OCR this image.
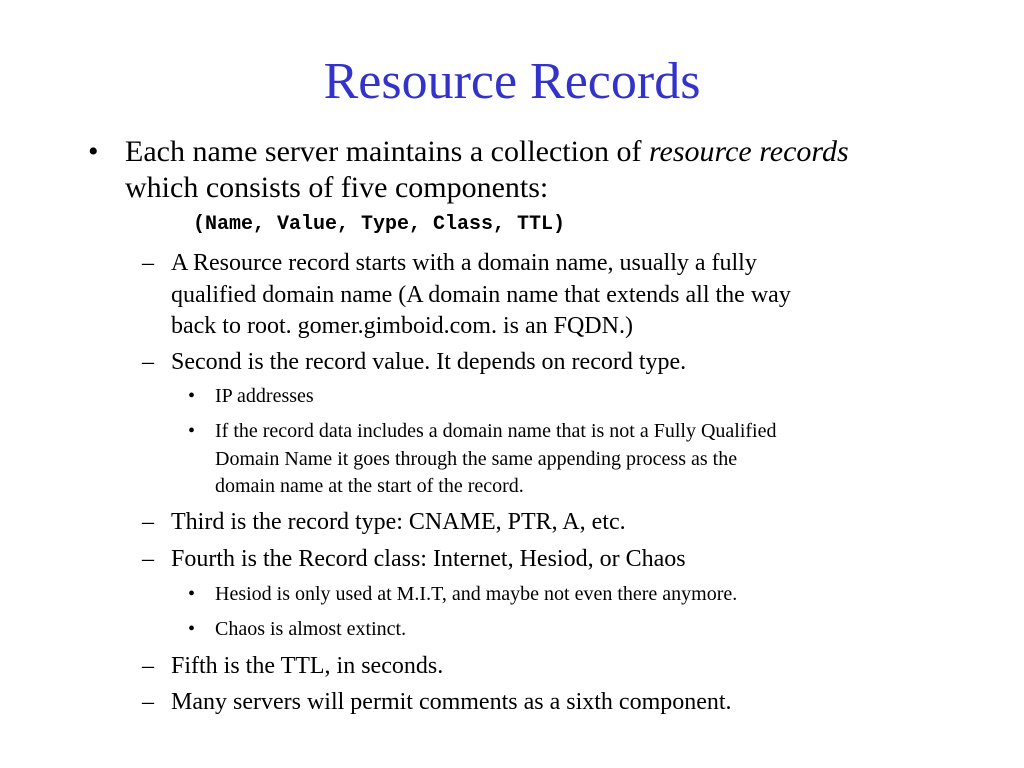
Resource Records
• Each name server maintains a collection of resource records
which consists of five components:
(Name, Value, Type, Class, TTL)
– A Resource record starts with a domain name, usually a fully
qualified domain name (A domain name that extends all the way
back to root. gomer.gimboid.com. is an FQDN.)
– Second is the record value. It depends on record type.
• IP addresses
• If the record data includes a domain name that is not a Fully Qualified
Domain Name it goes through the same appending process as the
domain name at the start of the record.
– Third is the record type: CNAME, PTR, A, etc.
– Fourth is the Record class: Internet, Hesiod, or Chaos
• Hesiod is only used at M.I.T, and maybe not even there anymore.
• Chaos is almost extinct.
– Fifth is the TTL, in seconds.
– Many servers will permit comments as a sixth component.
